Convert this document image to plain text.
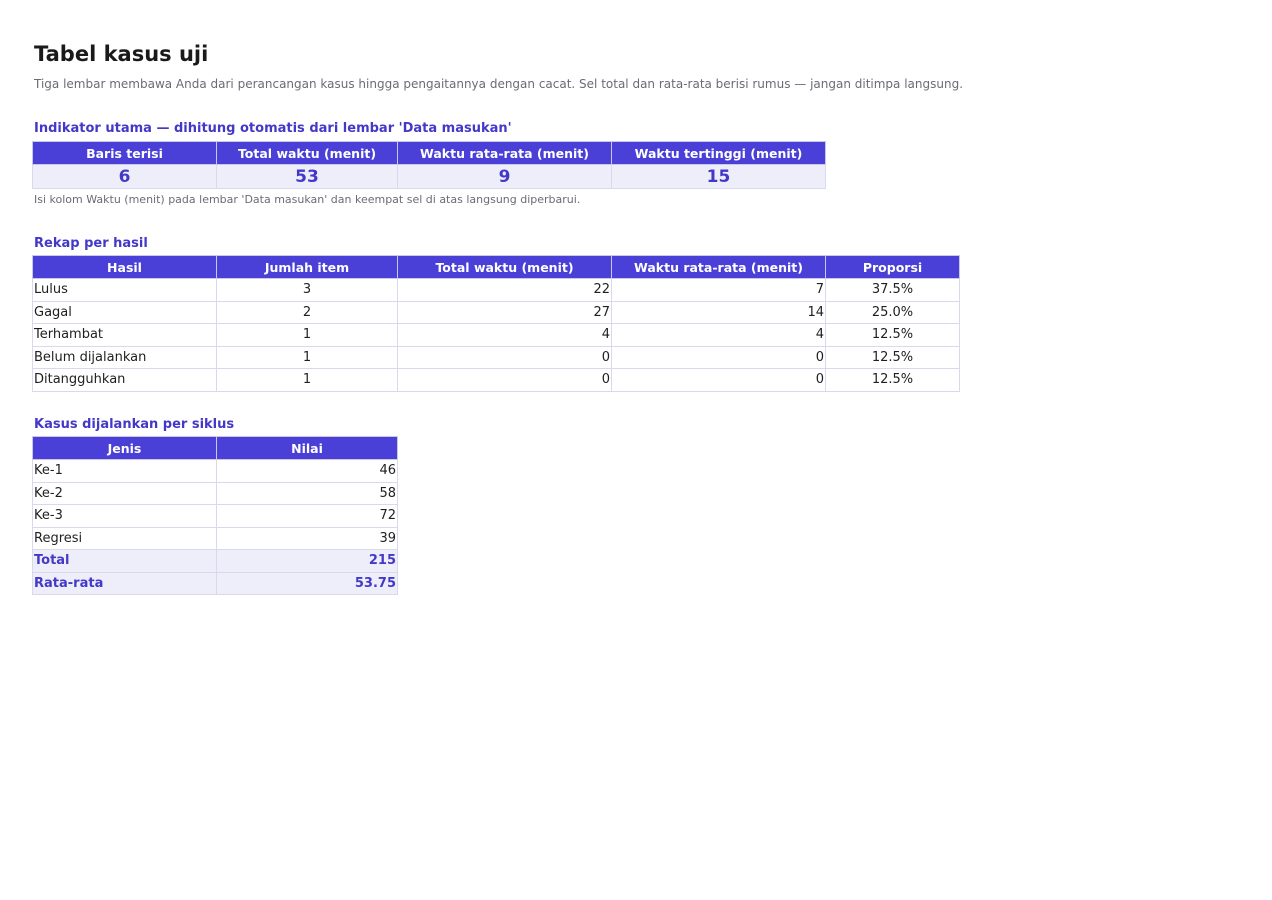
Tabel kasus uji
Tiga lembar membawa Anda dari perancangan kasus hingga pengaitannya dengan cacat. Sel total dan rata-rata berisi rumus — jangan ditimpa langsung.
Indikator utama — dihitung otomatis dari lembar 'Data masukan'
Baris terisi	Total waktu (menit)	Waktu rata-rata (menit)	Waktu tertinggi (menit)
6	53	9	15
Isi kolom Waktu (menit) pada lembar 'Data masukan' dan keempat sel di atas langsung diperbarui.
Rekap per hasil
Hasil	Jumlah item	Total waktu (menit)	Waktu rata-rata (menit)	Proporsi
Lulus	3	22	7	37.5%
Gagal	2	27	14	25.0%
Terhambat	1	4	4	12.5%
Belum dijalankan	1	0	0	12.5%
Ditangguhkan	1	0	0	12.5%
Kasus dijalankan per siklus
Jenis	Nilai
Ke-1	46
Ke-2	58
Ke-3	72
Regresi	39
Total	215
Rata-rata	53.75
